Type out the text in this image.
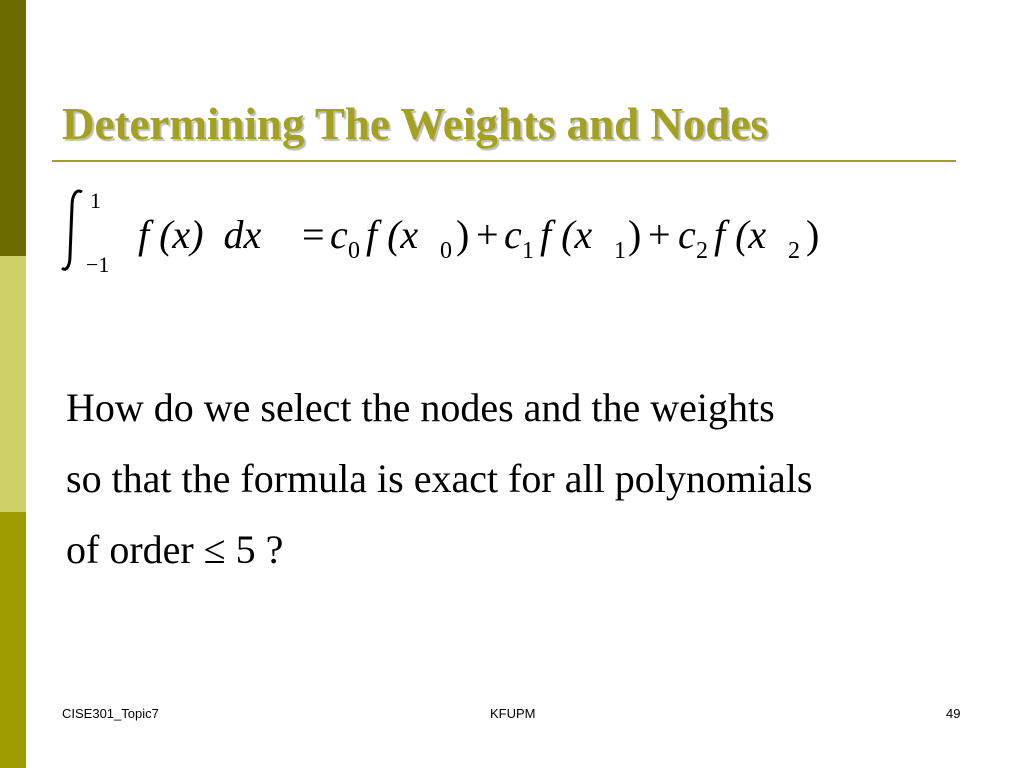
Determining The Weights and Nodes
1
−1
f (x)  dx = c 0 f (x 0 ) + c 1 f (x 1 ) + c 2 f (x 2 )
How do we select the nodes and the weights
so that the formula is exact for all polynomials
of order ≤ 5 ?
CISE301_Topic7	KFUPM	49
